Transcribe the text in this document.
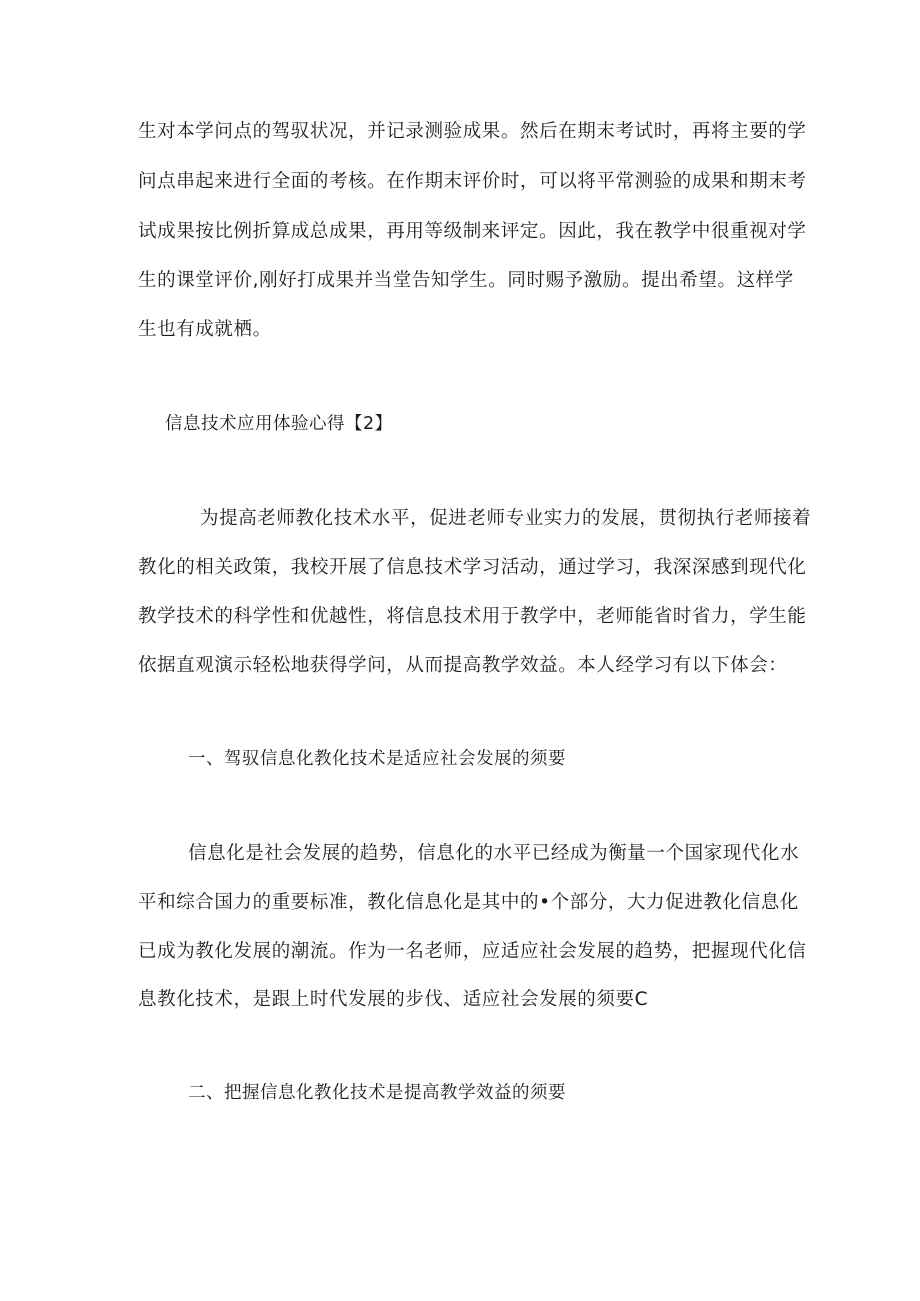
生对本学问点的驾驭状况，并记录测验成果。然后在期末考试时，再将主要的学
问点串起来进行全面的考核。在作期末评价时，可以将平常测验的成果和期末考
试成果按比例折算成总成果，再用等级制来评定。因此，我在教学中很重视对学
生的课堂评价,刚好打成果并当堂告知学生。同时赐予激励。提出希望。这样学
生也有成就栖。
信息技术应用体验心得【2】
为提高老师教化技术水平，促进老师专业实力的发展，贯彻执行老师接着
教化的相关政策，我校开展了信息技术学习活动，通过学习，我深深感到现代化
教学技术的科学性和优越性，将信息技术用于教学中，老师能省时省力，学生能
依据直观演示轻松地获得学问，从而提高教学效益。本人经学习有以下体会：
一、驾驭信息化教化技术是适应社会发展的须要
信息化是社会发展的趋势，信息化的水平已经成为衡量一个国家现代化水
平和综合国力的重要标准，教化信息化是其中的•个部分，大力促进教化信息化
已成为教化发展的潮流。作为一名老师，应适应社会发展的趋势，把握现代化信
息教化技术，是跟上时代发展的步伐、适应社会发展的须要C
二、把握信息化教化技术是提高教学效益的须要
